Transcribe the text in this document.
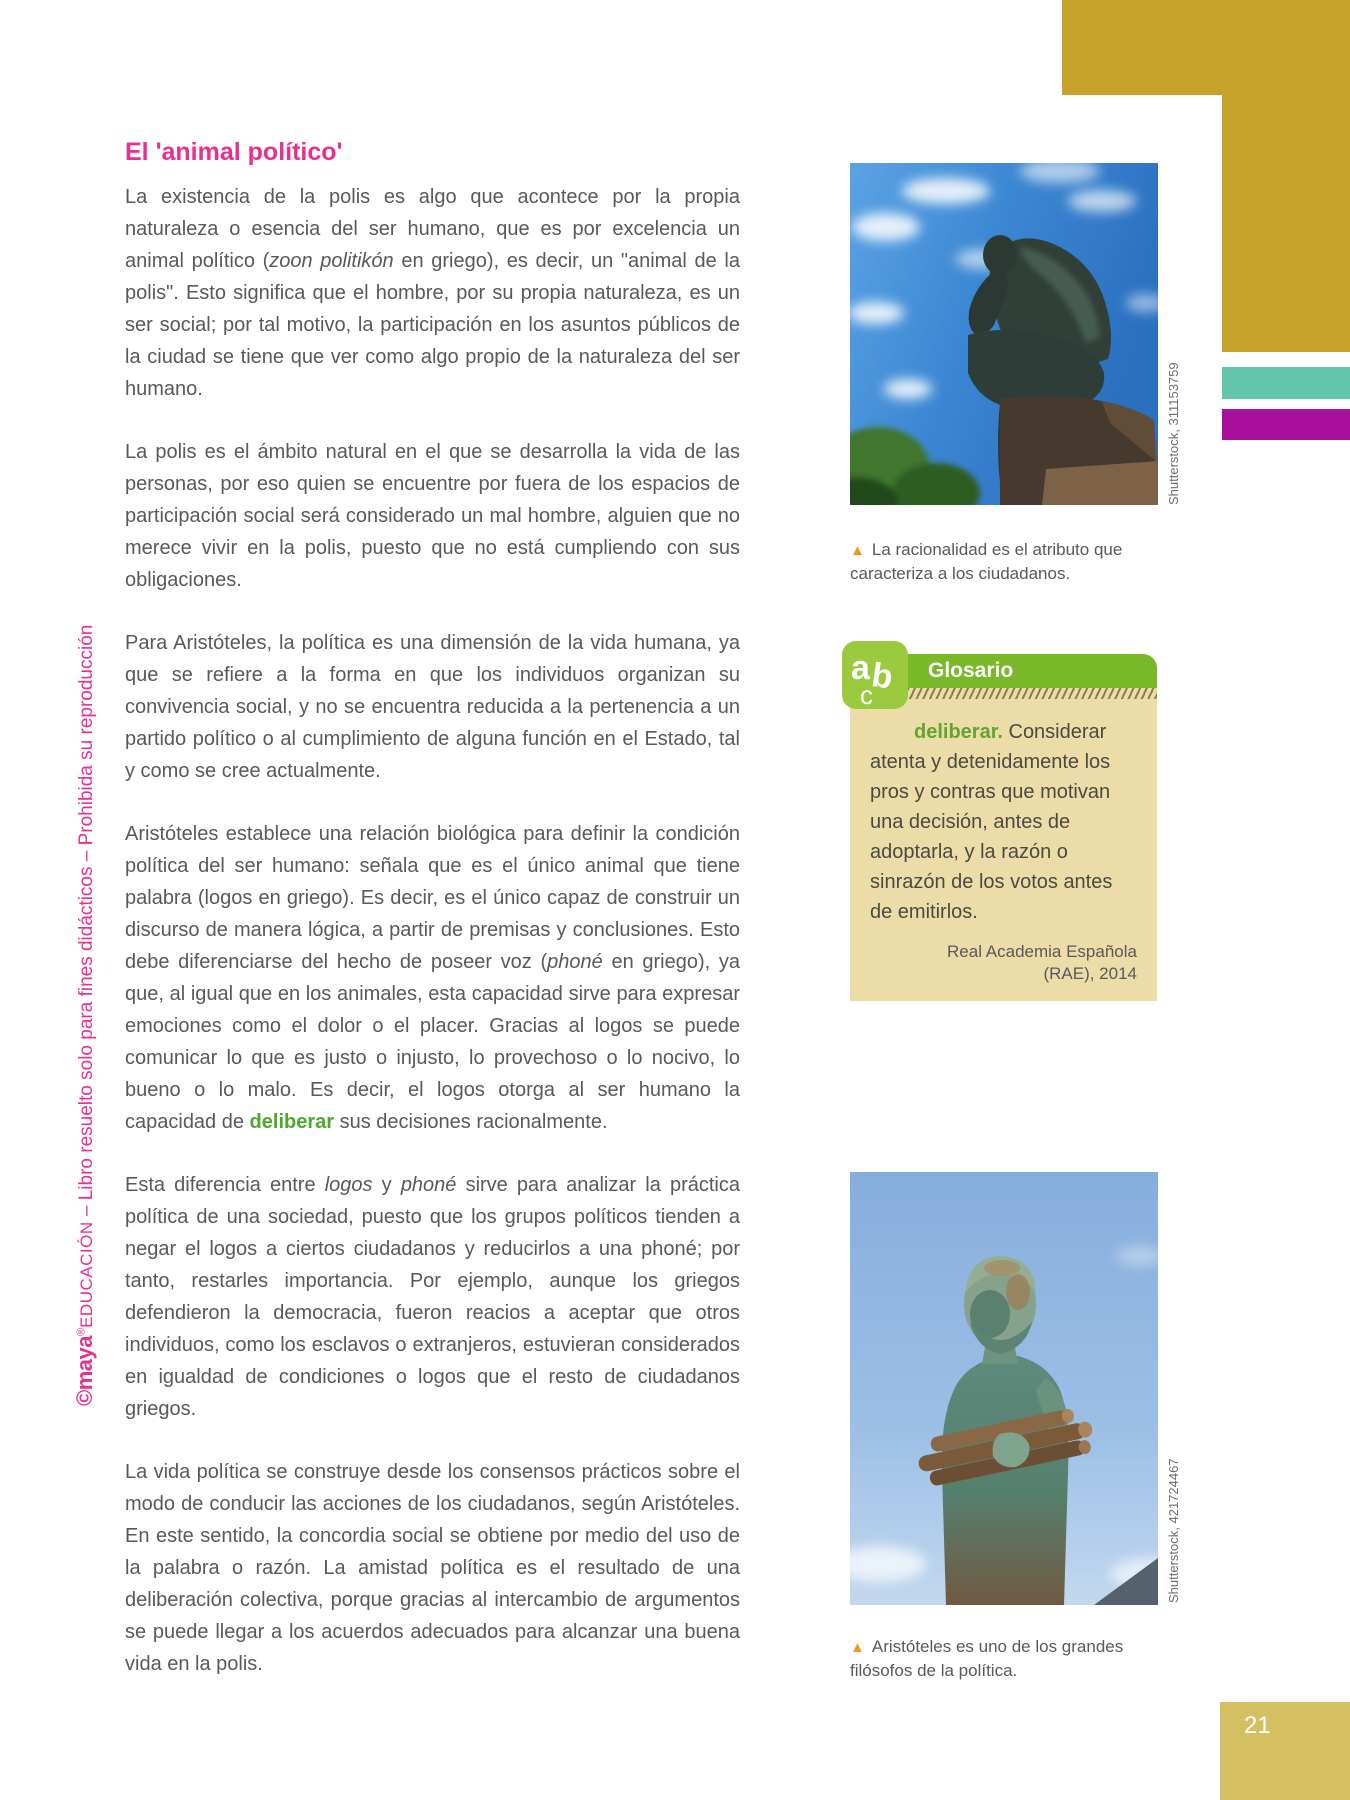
21
©maya®EDUCACIÓN – Libro resuelto solo para fines didácticos – Prohibida su reproducción
El 'animal político'

La existencia de la polis es algo que acontece por la propia naturaleza o esencia del ser humano, que es por excelencia un animal político (zoon politikón en griego), es decir, un "animal de la polis". Esto significa que el hombre, por su propia naturaleza, es un ser social; por tal motivo, la participación en los asuntos públicos de la ciudad se tiene que ver como algo propio de la naturaleza del ser humano.

La polis es el ámbito natural en el que se desarrolla la vida de las personas, por eso quien se encuentre por fuera de los espacios de participación social será considerado un mal hombre, alguien que no merece vivir en la polis, puesto que no está cumpliendo con sus obligaciones.

Para Aristóteles, la política es una dimensión de la vida humana, ya que se refiere a la forma en que los individuos organizan su convivencia social, y no se encuentra reducida a la pertenencia a un partido político o al cumplimiento de alguna función en el Estado, tal y como se cree actualmente.

Aristóteles establece una relación biológica para definir la condición política del ser humano: señala que es el único animal que tiene palabra (logos en griego). Es decir, es el único capaz de construir un discurso de manera lógica, a partir de premisas y conclusiones. Esto debe diferenciarse del hecho de poseer voz (phoné en griego), ya que, al igual que en los animales, esta capacidad sirve para expresar emociones como el dolor o el placer. Gracias al logos se puede comunicar lo que es justo o injusto, lo provechoso o lo nocivo, lo bueno o lo malo. Es decir, el logos otorga al ser humano la capacidad de deliberar sus decisiones racionalmente.

Esta diferencia entre logos y phoné sirve para analizar la práctica política de una sociedad, puesto que los grupos políticos tienden a negar el logos a ciertos ciudadanos y reducirlos a una phoné; por tanto, restarles importancia. Por ejemplo, aunque los griegos defendieron la democracia, fueron reacios a aceptar que otros individuos, como los esclavos o extranjeros, estuvieran considerados en igualdad de condiciones o logos que el resto de ciudadanos griegos.

La vida política se construye desde los consensos prácticos sobre el modo de conducir las acciones de los ciudadanos, según Aristóteles. En este sentido, la concordia social se obtiene por medio del uso de la palabra o razón. La amistad política es el resultado de una deliberación colectiva, porque gracias al intercambio de argumentos se puede llegar a los acuerdos adecuados para alcanzar una buena vida en la polis.

Shutterstock, 311153759
▲ La racionalidad es el atributo que caracteriza a los ciudadanos.
Glosario
a b
c
deliberar. Considerar atenta y detenidamente los pros y contras que motivan una decisión, antes de adoptarla, y la razón o sinrazón de los votos antes de emitirlos.
Real Academia Española
(RAE), 2014
Shutterstock, 421724467
▲ Aristóteles es uno de los grandes filósofos de la política.
